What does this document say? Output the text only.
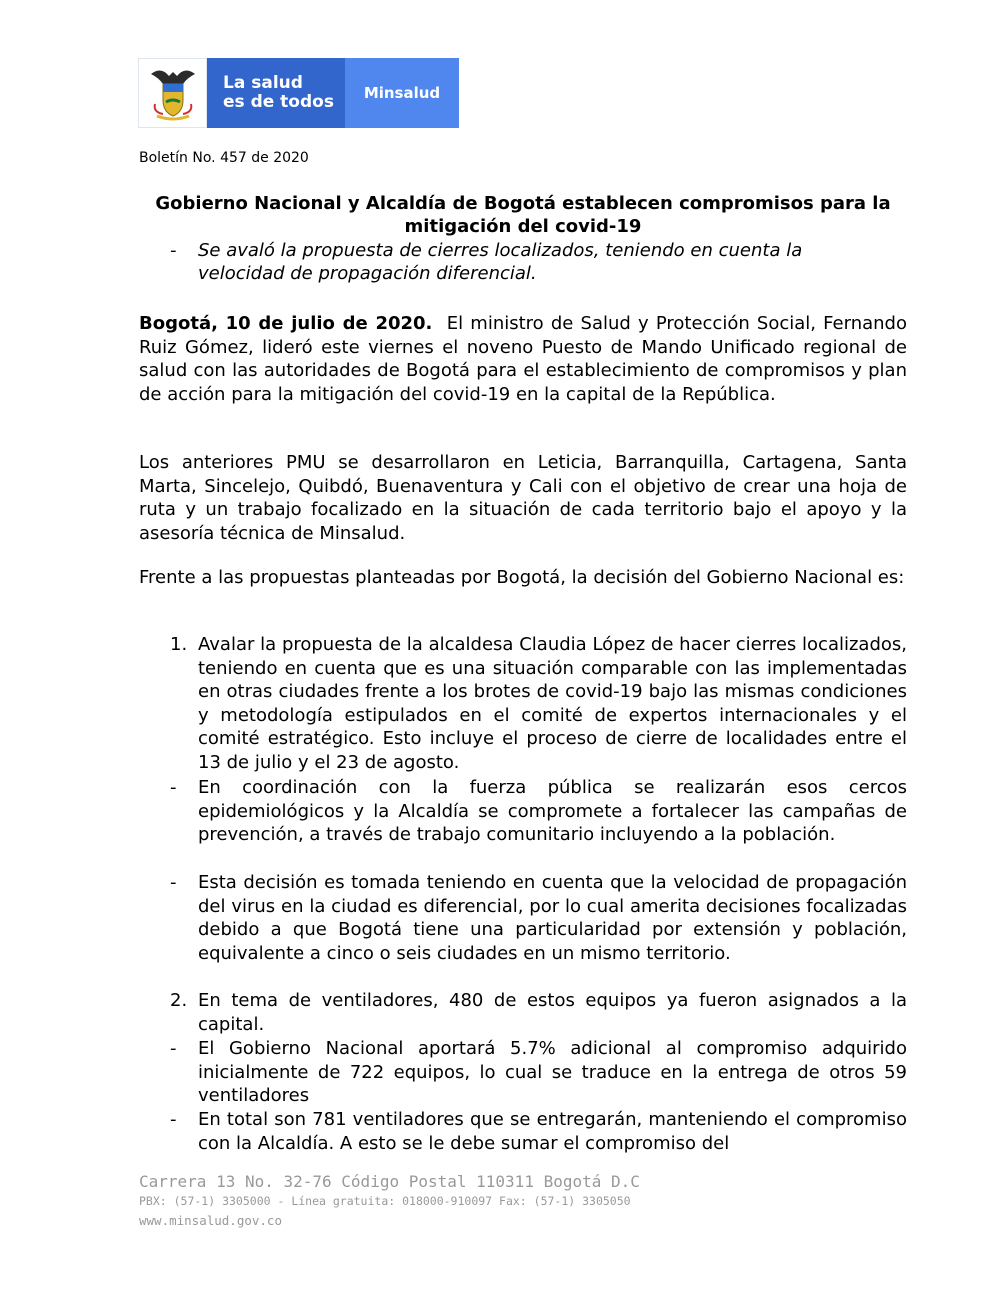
La salud
es de todos	Minsalud
Boletín No. 457 de 2020
Gobierno Nacional y Alcaldía de Bogotá establecen compromisos para la mitigación del covid-19
-	Se avaló la propuesta de cierres localizados, teniendo en cuenta la velocidad de propagación diferencial.
Bogotá, 10 de julio de 2020. El ministro de Salud y Protección Social, Fernando Ruiz Gómez, lideró este viernes el noveno Puesto de Mando Unificado regional de salud con las autoridades de Bogotá para el establecimiento de compromisos y plan de acción para la mitigación del covid-19 en la capital de la República.
Los anteriores PMU se desarrollaron en Leticia, Barranquilla, Cartagena, Santa Marta, Sincelejo, Quibdó, Buenaventura y Cali con el objetivo de crear una hoja de ruta y un trabajo focalizado en la situación de cada territorio bajo el apoyo y la asesoría técnica de Minsalud.
Frente a las propuestas planteadas por Bogotá, la decisión del Gobierno Nacional es:
1. Avalar la propuesta de la alcaldesa Claudia López de hacer cierres localizados, teniendo en cuenta que es una situación comparable con las implementadas en otras ciudades frente a los brotes de covid-19 bajo las mismas condiciones y metodología estipulados en el comité de expertos internacionales y el comité estratégico. Esto incluye el proceso de cierre de localidades entre el 13 de julio y el 23 de agosto.
- En coordinación con la fuerza pública se realizarán esos cercos epidemiológicos y la Alcaldía se compromete a fortalecer las campañas de prevención, a través de trabajo comunitario incluyendo a la población.
- Esta decisión es tomada teniendo en cuenta que la velocidad de propagación del virus en la ciudad es diferencial, por lo cual amerita decisiones focalizadas debido a que Bogotá tiene una particularidad por extensión y población, equivalente a cinco o seis ciudades en un mismo territorio.
2. En tema de ventiladores, 480 de estos equipos ya fueron asignados a la capital.
- El Gobierno Nacional aportará 5.7% adicional al compromiso adquirido inicialmente de 722 equipos, lo cual se traduce en la entrega de otros 59 ventiladores
- En total son 781 ventiladores que se entregarán, manteniendo el compromiso con la Alcaldía. A esto se le debe sumar el compromiso del
Carrera 13 No. 32-76 Código Postal 110311 Bogotá D.C
PBX: (57-1) 3305000 - Línea gratuita: 018000-910097 Fax: (57-1) 3305050
www.minsalud.gov.co
